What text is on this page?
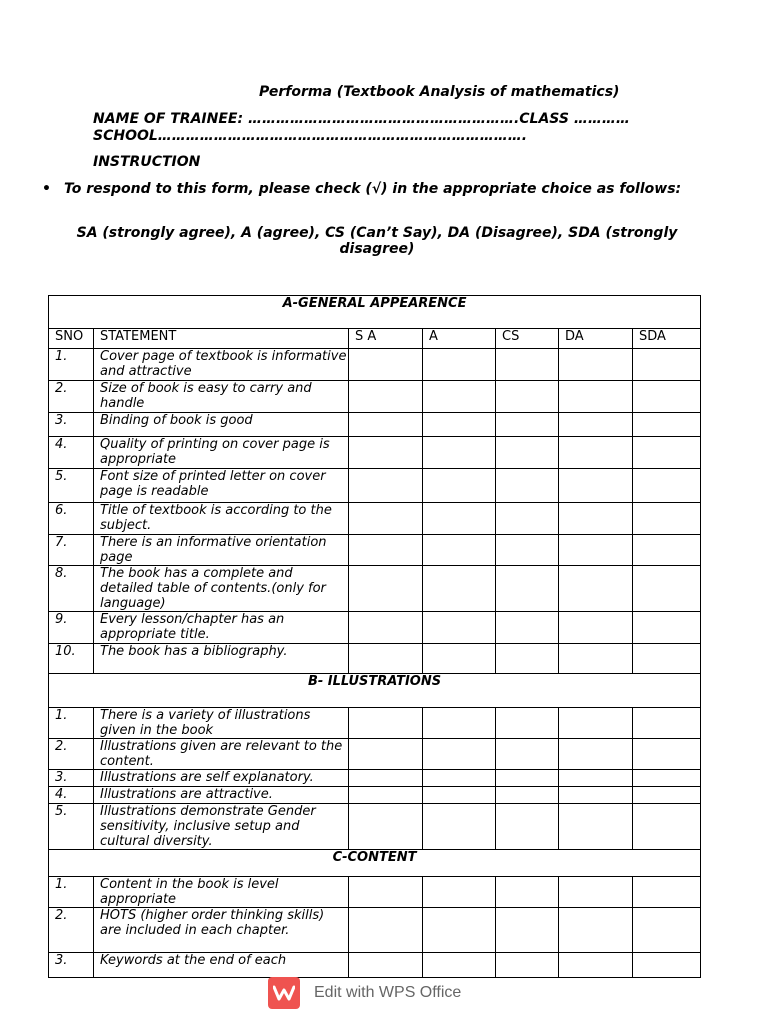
Performa (Textbook Analysis of mathematics)
NAME OF TRAINEE: ………………………………………………….CLASS …………
SCHOOL…………………………………………………………………….
INSTRUCTION
• To respond to this form, please check (√) in the appropriate choice as follows:
SA (strongly agree), A (agree), CS (Can’t Say), DA (Disagree), SDA (strongly disagree)
A-GENERAL APPEARENCE						
SNO	STATEMENT	S A	A	CS	DA	SDA
1.	Cover page of textbook is informative and attractive					
2.	Size of book is easy to carry and handle					
3.	Binding of book is good					
4.	Quality of printing on cover page is appropriate					
5.	Font size of printed letter on cover page is readable					
6.	Title of textbook is according to the subject.					
7.	There is an informative orientation page					
8.	The book has a complete and detailed table of contents.(only for language)					
9.	Every lesson/chapter has an appropriate title.					
10.	The book has a bibliography.					
B- ILLUSTRATIONS						
1.	There is a variety of illustrations given in the book					
2.	Illustrations given are relevant to the content.					
3.	Illustrations are self explanatory.					
4.	Illustrations are attractive.					
5.	Illustrations demonstrate Gender sensitivity, inclusive setup and cultural diversity.					
C-CONTENT						
1.	Content in the book is level appropriate					
2.	HOTS (higher order thinking skills) are included in each chapter.					
3.	Keywords at the end of each					
Edit with WPS Office
